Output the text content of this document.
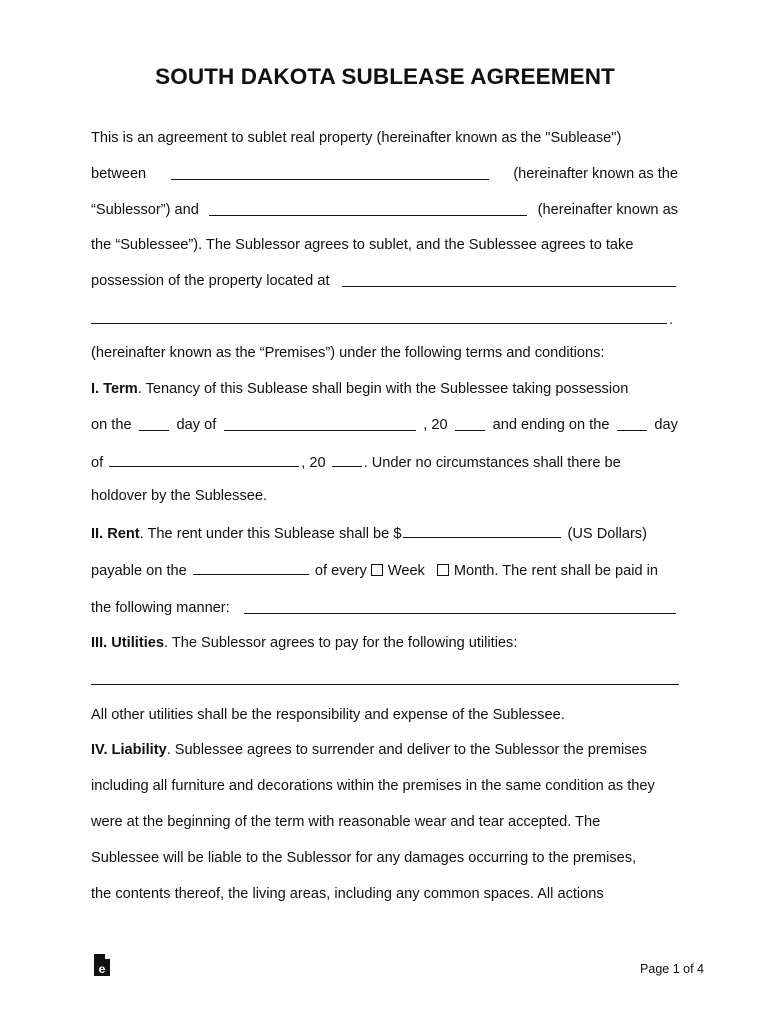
SOUTH DAKOTA SUBLEASE AGREEMENT
This is an agreement to sublet real property (hereinafter known as the "Sublease")
between	(hereinafter known as the
“Sublessor”) and	(hereinafter known as
the “Sublessee”). The Sublessor agrees to sublet, and the Sublessee agrees to take
possession of the property located at
.
(hereinafter known as the “Premises”) under the following terms and conditions:
I. Term. Tenancy of this Sublease shall begin with the Sublessee taking possession
on the	day of	, 20	and ending on the	day
of	, 20	. Under no circumstances shall there be
holdover by the Sublessee.
II. Rent. The rent under this Sublease shall be $	(US Dollars)
payable on the	of every Week Month. The rent shall be paid in
the following manner:
III. Utilities. The Sublessor agrees to pay for the following utilities:
All other utilities shall be the responsibility and expense of the Sublessee.
IV. Liability. Sublessee agrees to surrender and deliver to the Sublessor the premises
including all furniture and decorations within the premises in the same condition as they
were at the beginning of the term with reasonable wear and tear accepted. The
Sublessee will be liable to the Sublessor for any damages occurring to the premises,
the contents thereof, the living areas, including any common spaces. All actions
e	Page 1 of 4
